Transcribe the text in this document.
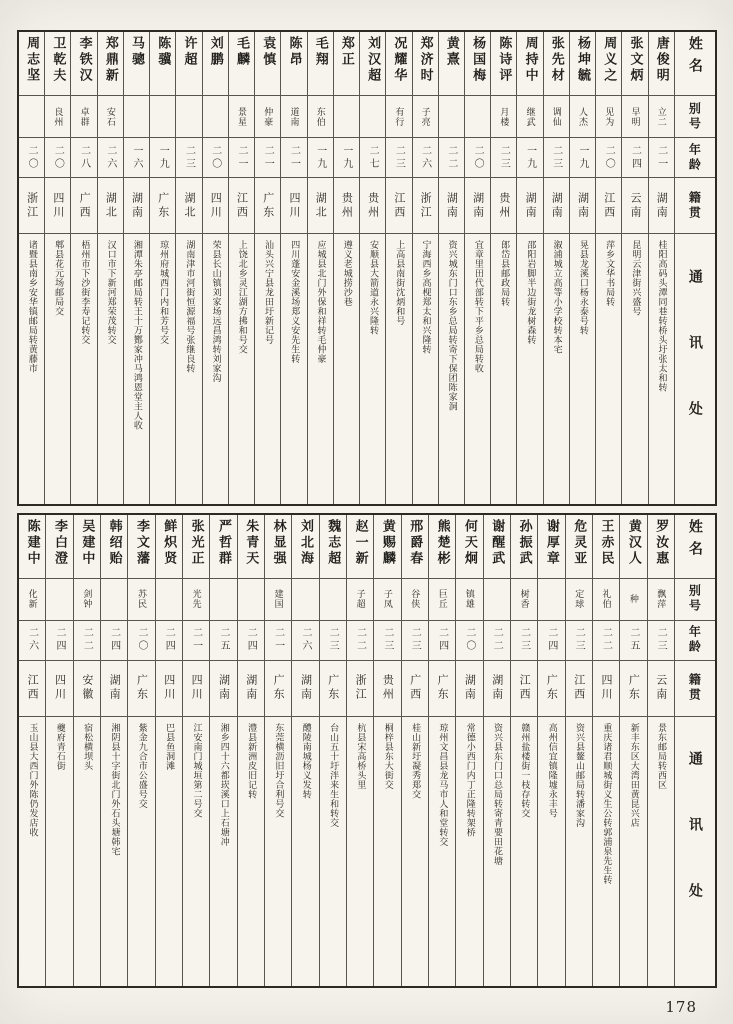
周志坚
二〇
浙江
诸暨县南乡安华镇邮局转黄藤市
卫乾夫
良州
二〇
四川
郫县花元场邮局交
李铁汉
卓群
二八
广西
梧州市下沙街李寿记转交
郑鼎新
安石
二六
湖北
汉口市下新河郑荣茂转交
马骢
一六
湖南
湘潭朱亭邮局转王十万酂家冲马鸿恩堂主人收
陈骥
一九
广东
琼州府城西门内和芳号交
许超
二三
湖北
湖南津市河街恒源福号张继良转
刘鹏
二〇
四川
荣县长山镇刘家场远昌鸿转刘家沟
毛麟
景星
二一
江西
上饶北乡灵江湖方拂和号交
袁慎
仲豪
二一
广东
汕头兴宁县龙田圩新记号
陈昂
道南
二一
四川
四川蓬安金溪场郑义安先生转
毛翔
东伯
一九
湖北
应城县北门外保和祥转毛仲豪
郑正
一九
贵州
遵义老城捞沙巷
刘汉超
二七
贵州
安顺县大箭道永兴隆转
况耀华
有行
二三
江西
上高县南街沈炳和号
郑济时
子亮
二六
浙江
宁海西乡高枧郑太和兴隆转
黄熹
二二
湖南
资兴城东门口东乡总局转寄下保团陈家洞
杨国梅
二〇
湖南
宜章里田代部转下平乡总局转收
陈诗评
月楼
二三
贵州
郎岱县邮政局转
周持中
继武
一九
湖南
邵阳岩脚半边街龙树森转
张先材
调仙
二三
湖南
溆浦城立高等小学校转本宅
杨坤毓
人杰
一九
湖南
晃县龙溪口杨永泰号转
周义之
见为
二〇
江西
萍乡文华书局转
张文炳
早明
二四
云南
昆明云津街兴盛号
唐俊明
立二
二一
湖南
桂阳高码头潭同巷转桥头圩张太和转
姓名
别号
年龄
籍贯
通讯处
陈建中
化新
二六
江西
玉山县大西门外陈仍发店收
李白澄
二四
四川
夔府青石街
吴建中
剑钟
二二
安徽
宿松横坝头
韩绍贻
二四
湖南
湘阴县十字街北门外石头塘韩宅
李文藩
苏民
二〇
广东
紫金九合市公盛号交
鲜炽贤
二四
四川
巴县鱼洞滩
张光正
光先
二一
四川
江安南门城垣第二号交
严哲群
二五
湖南
湘乡四十六都崁溪口上石塘冲
朱青天
二四
湖南
澧县新洲皮旧记转
林显强
建国
二一
广东
东莞横沥旧圩合利号交
刘北海
二六
湖南
醴陵南城杨义发转
魏志超
二三
广东
台山五十圩泮来生和转交
赵一新
子超
二二
浙江
杭县宋高桥头里
黄赐麟
子凤
二三
贵州
桐梓县东大街交
邢爵春
谷侠
二三
广西
桂山新圩凝秀郑交
熊楚彬
巨丘
二四
广东
琼州文昌县龙马市人和堂转交
何天炯
镇雄
二〇
湖南
常德小西门内丁正隆转架桥
谢醒武
二二
湖南
资兴县东门口总局转寄青要田花塘
孙振武
树香
二三
江西
赣州盐楼街一枝存转交
谢厚章
二四
广东
高州信宜镇隆墟永丰号
危灵亚
定球
二三
江西
资兴县鳌山邮局转潘家沟
王赤民
礼伯
二二
四川
重庆诸君顺城街义生公转郭浦泉先生转
黄汉人
种
二五
广东
新丰东区大湾田黄昆兴店
罗汝惠
飘萍
二三
云南
景东邮局转西区
姓名
别号
年龄
籍贯
通讯处
178
